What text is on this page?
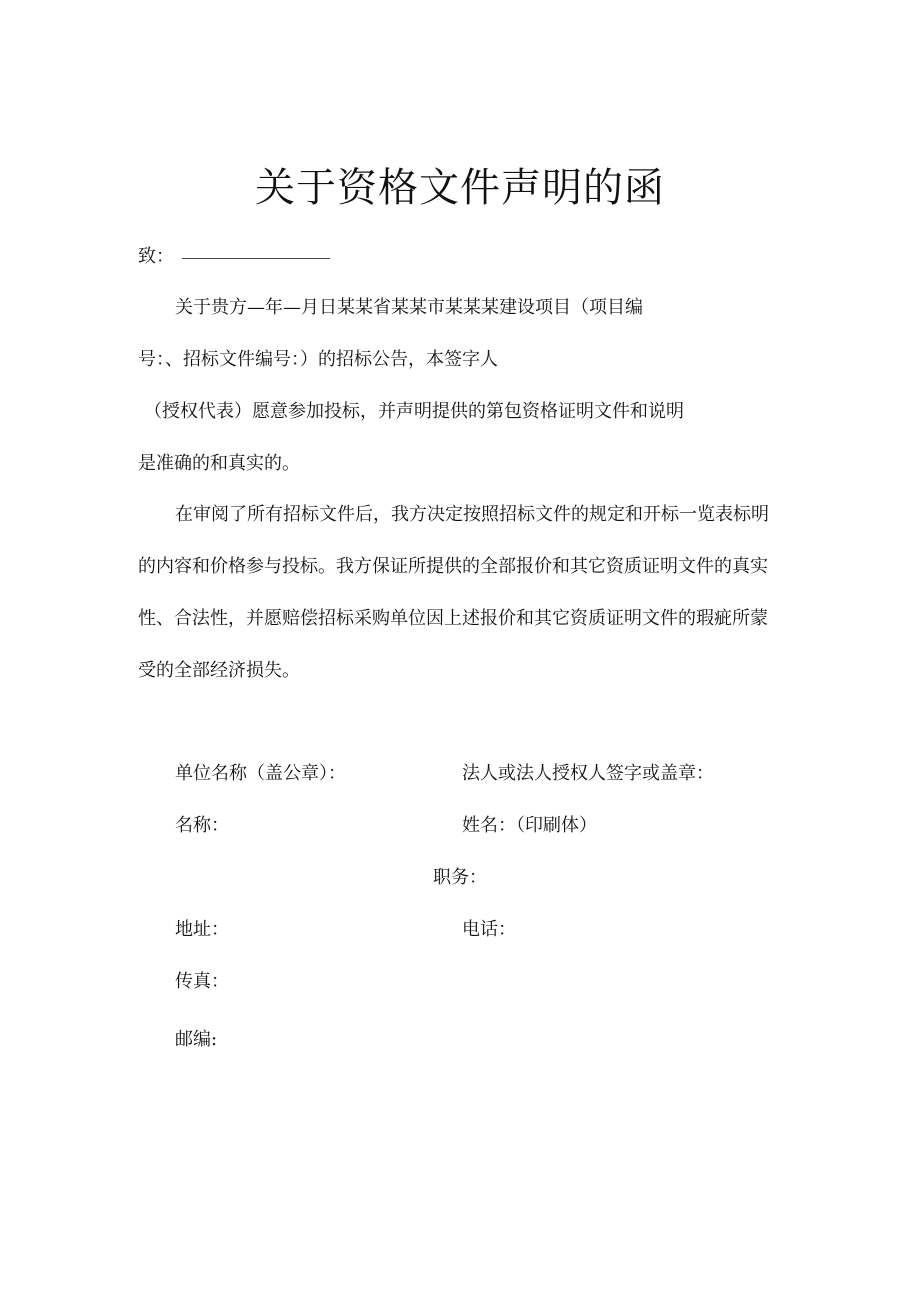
关于资格文件声明的函
致：
关于贵方—年—月日某某省某某市某某某建设项目（项目编
号：、招标文件编号：）的招标公告，本签字人
（授权代表）愿意参加投标，并声明提供的第包资格证明文件和说明
是准确的和真实的。
在审阅了所有招标文件后，我方决定按照招标文件的规定和开标一览表标明
的内容和价格参与投标。我方保证所提供的全部报价和其它资质证明文件的真实
性、合法性，并愿赔偿招标采购单位因上述报价和其它资质证明文件的瑕疵所蒙
受的全部经济损失。
单位名称（盖公章）：	法人或法人授权人签字或盖章：
名称：	姓名：（印刷体）
职务：
地址：	电话：
传真：
邮编:
